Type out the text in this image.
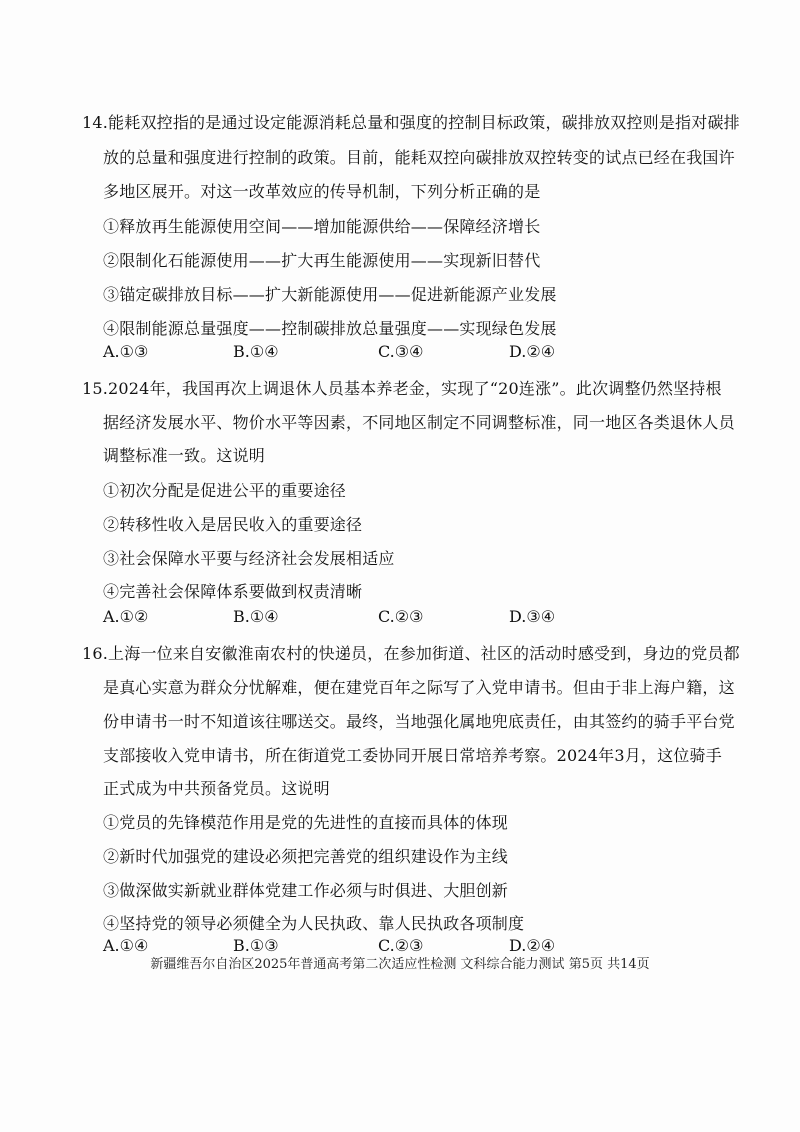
14.能耗双控指的是通过设定能源消耗总量和强度的控制目标政策，碳排放双控则是指对碳排
放的总量和强度进行控制的政策。目前，能耗双控向碳排放双控转变的试点已经在我国许
多地区展开。对这一改革效应的传导机制，下列分析正确的是
①释放再生能源使用空间——增加能源供给——保障经济增长
②限制化石能源使用——扩大再生能源使用——实现新旧替代
③锚定碳排放目标——扩大新能源使用——促进新能源产业发展
④限制能源总量强度——控制碳排放总量强度——实现绿色发展
A.①③	B.①④	C.③④	D.②④
15.2024年，我国再次上调退休人员基本养老金，实现了“20连涨”。此次调整仍然坚持根
据经济发展水平、物价水平等因素，不同地区制定不同调整标准，同一地区各类退休人员
调整标准一致。这说明
①初次分配是促进公平的重要途径
②转移性收入是居民收入的重要途径
③社会保障水平要与经济社会发展相适应
④完善社会保障体系要做到权责清晰
A.①②	B.①④	C.②③	D.③④
16.上海一位来自安徽淮南农村的快递员，在参加街道、社区的活动时感受到，身边的党员都
是真心实意为群众分忧解难，便在建党百年之际写了入党申请书。但由于非上海户籍，这
份申请书一时不知道该往哪送交。最终，当地强化属地兜底责任，由其签约的骑手平台党
支部接收入党申请书，所在街道党工委协同开展日常培养考察。2024年3月，这位骑手
正式成为中共预备党员。这说明
①党员的先锋模范作用是党的先进性的直接而具体的体现
②新时代加强党的建设必须把完善党的组织建设作为主线
③做深做实新就业群体党建工作必须与时俱进、大胆创新
④坚持党的领导必须健全为人民执政、靠人民执政各项制度
A.①④	B.①③	C.②③	D.②④
新疆维吾尔自治区2025年普通高考第二次适应性检测 文科综合能力测试 第5页 共14页
